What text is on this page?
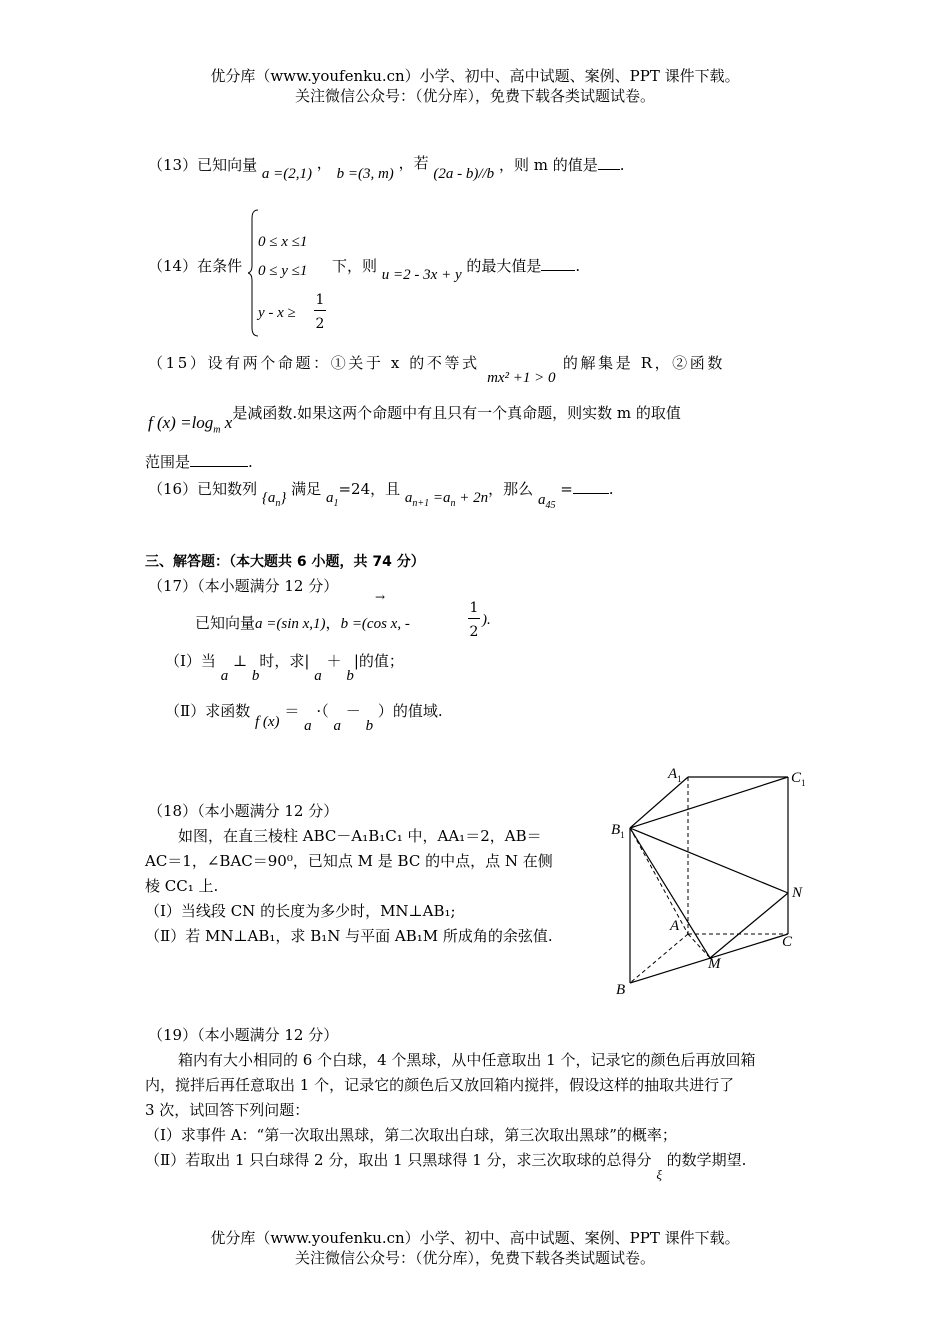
优分库（www.youfenku.cn）小学、初中、高中试题、案例、PPT 课件下载。
关注微信公众号：（优分库），免费下载各类试题试卷。
（13）已知向量 a =(2,1) ， b =(3, m) ，若 (2a - b)//b ，则 m 的值是 .
（14）在条件
0 ≤ x ≤1
0 ≤ y ≤1
y - x ≥
1
2
下，则 u =2 - 3x + y 的最大值是 .
（15）设有两个命题：①关于 x 的不等式 mx² +1 > 0 的解集是 R，②函数
f $(x) =\log_m$ x是减函数.如果这两个命题中有且只有一个真命题，则实数 m 的取值
范围是	.
（16）已知数列 $\{a_n\}$ 满足 $a_1=24$，且 $a_{n+1} =a_n + 2n$，那么 $a_{45}$ = .
三、解答题：（本大题共 6 小题，共 74 分）
（17）（本小题满分 12 分）
→
已知向量a =(sin x,1)，b =(cos x, -
1
2
).
（Ⅰ）当 a ⊥ b时，求| a ＋ b|的值；
（Ⅱ）求函数 f (x) ＝ a ·（ a － b ）的值域.
（18）（本小题满分 12 分）
如图，在直三棱柱 ABC－A₁B₁C₁ 中，AA₁＝2，AB＝
AC＝1，∠BAC＝90⁰，已知点 M 是 BC 的中点，点 N 在侧
棱 CC₁ 上.
（Ⅰ）当线段 CN 的长度为多少时，MN⊥AB₁;
（Ⅱ）若 MN⊥AB₁，求 B₁N 与平面 AB₁M 所成角的余弦值.
$A_1$	$C_1$
$B_1$
N
A
C
M
B
（19）（本小题满分 12 分）
箱内有大小相同的 6 个白球，4 个黑球，从中任意取出 1 个，记录它的颜色后再放回箱
内，搅拌后再任意取出 1 个，记录它的颜色后又放回箱内搅拌，假设这样的抽取共进行了
3 次，试回答下列问题：
（Ⅰ）求事件 A：“第一次取出黑球，第二次取出白球，第三次取出黑球”的概率；
（Ⅱ）若取出 1 只白球得 2 分，取出 1 只黑球得 1 分，求三次取球的总得分 ξ 的数学期望.
优分库（www.youfenku.cn）小学、初中、高中试题、案例、PPT 课件下载。
关注微信公众号：（优分库），免费下载各类试题试卷。
